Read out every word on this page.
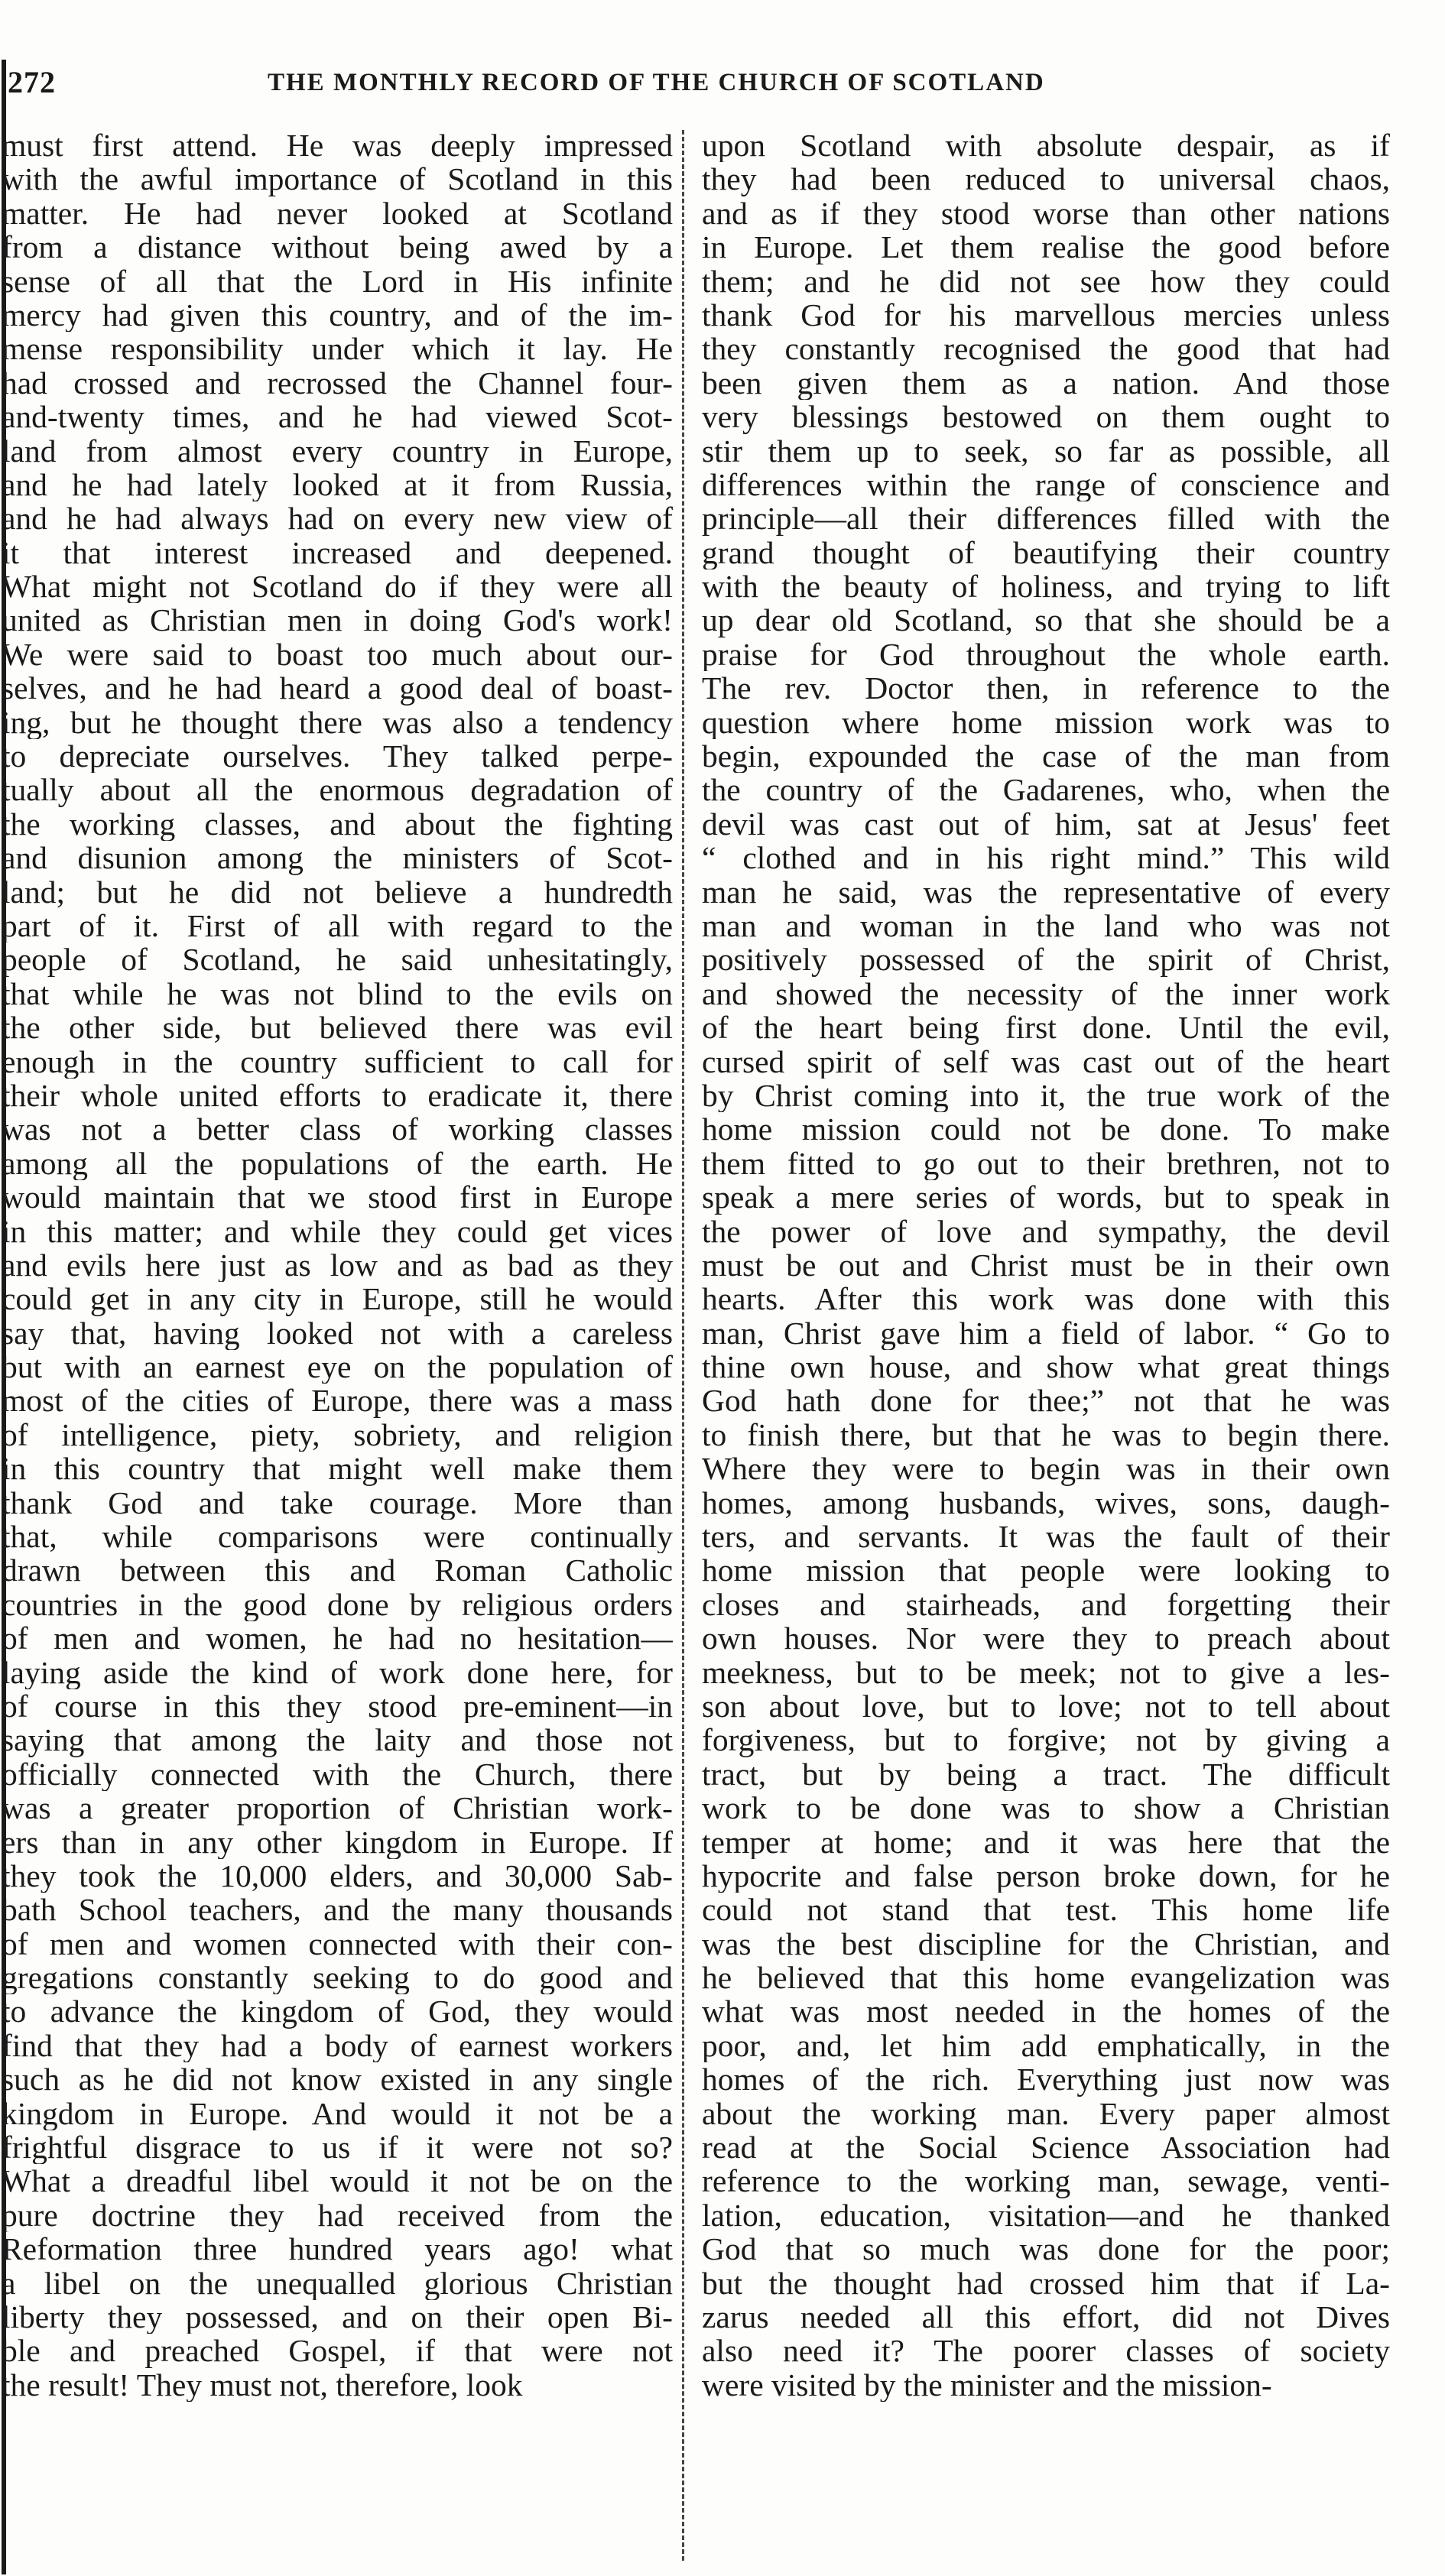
272	THE MONTHLY RECORD OF THE CHURCH OF SCOTLAND
must first attend. He was deeply impressed
with the awful importance of Scotland in this
matter. He had never looked at Scotland
from a distance without being awed by a
sense of all that the Lord in His infinite
mercy had given this country, and of the im-
mense responsibility under which it lay. He
had crossed and recrossed the Channel four-
and-twenty times, and he had viewed Scot-
land from almost every country in Europe,
and he had lately looked at it from Russia,
and he had always had on every new view of
it that interest increased and deepened.
What might not Scotland do if they were all
united as Christian men in doing God's work!
We were said to boast too much about our-
selves, and he had heard a good deal of boast-
ing, but he thought there was also a tendency
to depreciate ourselves. They talked perpe-
tually about all the enormous degradation of
the working classes, and about the fighting
and disunion among the ministers of Scot-
land; but he did not believe a hundredth
part of it. First of all with regard to the
people of Scotland, he said unhesitatingly,
that while he was not blind to the evils on
the other side, but believed there was evil
enough in the country sufficient to call for
their whole united efforts to eradicate it, there
was not a better class of working classes
among all the populations of the earth. He
would maintain that we stood first in Europe
in this matter; and while they could get vices
and evils here just as low and as bad as they
could get in any city in Europe, still he would
say that, having looked not with a careless
but with an earnest eye on the population of
most of the cities of Europe, there was a mass
of intelligence, piety, sobriety, and religion
in this country that might well make them
thank God and take courage. More than
that, while comparisons were continually
drawn between this and Roman Catholic
countries in the good done by religious orders
of men and women, he had no hesitation—
laying aside the kind of work done here, for
of course in this they stood pre-eminent—in
saying that among the laity and those not
officially connected with the Church, there
was a greater proportion of Christian work-
ers than in any other kingdom in Europe. If
they took the 10,000 elders, and 30,000 Sab-
bath School teachers, and the many thousands
of men and women connected with their con-
gregations constantly seeking to do good and
to advance the kingdom of God, they would
find that they had a body of earnest workers
such as he did not know existed in any single
kingdom in Europe. And would it not be a
frightful disgrace to us if it were not so?
What a dreadful libel would it not be on the
pure doctrine they had received from the
Reformation three hundred years ago! what
a libel on the unequalled glorious Christian
liberty they possessed, and on their open Bi-
ble and preached Gospel, if that were not
the result! They must not, therefore, look
upon Scotland with absolute despair, as if
they had been reduced to universal chaos,
and as if they stood worse than other nations
in Europe. Let them realise the good before
them; and he did not see how they could
thank God for his marvellous mercies unless
they constantly recognised the good that had
been given them as a nation. And those
very blessings bestowed on them ought to
stir them up to seek, so far as possible, all
differences within the range of conscience and
principle—all their differences filled with the
grand thought of beautifying their country
with the beauty of holiness, and trying to lift
up dear old Scotland, so that she should be a
praise for God throughout the whole earth.
The rev. Doctor then, in reference to the
question where home mission work was to
begin, expounded the case of the man from
the country of the Gadarenes, who, when the
devil was cast out of him, sat at Jesus' feet
“ clothed and in his right mind.” This wild
man he said, was the representative of every
man and woman in the land who was not
positively possessed of the spirit of Christ,
and showed the necessity of the inner work
of the heart being first done. Until the evil,
cursed spirit of self was cast out of the heart
by Christ coming into it, the true work of the
home mission could not be done. To make
them fitted to go out to their brethren, not to
speak a mere series of words, but to speak in
the power of love and sympathy, the devil
must be out and Christ must be in their own
hearts. After this work was done with this
man, Christ gave him a field of labor. “ Go to
thine own house, and show what great things
God hath done for thee;” not that he was
to finish there, but that he was to begin there.
Where they were to begin was in their own
homes, among husbands, wives, sons, daugh-
ters, and servants. It was the fault of their
home mission that people were looking to
closes and stairheads, and forgetting their
own houses. Nor were they to preach about
meekness, but to be meek; not to give a les-
son about love, but to love; not to tell about
forgiveness, but to forgive; not by giving a
tract, but by being a tract. The difficult
work to be done was to show a Christian
temper at home; and it was here that the
hypocrite and false person broke down, for he
could not stand that test. This home life
was the best discipline for the Christian, and
he believed that this home evangelization was
what was most needed in the homes of the
poor, and, let him add emphatically, in the
homes of the rich. Everything just now was
about the working man. Every paper almost
read at the Social Science Association had
reference to the working man, sewage, venti-
lation, education, visitation—and he thanked
God that so much was done for the poor;
but the thought had crossed him that if La-
zarus needed all this effort, did not Dives
also need it? The poorer classes of society
were visited by the minister and the mission-
